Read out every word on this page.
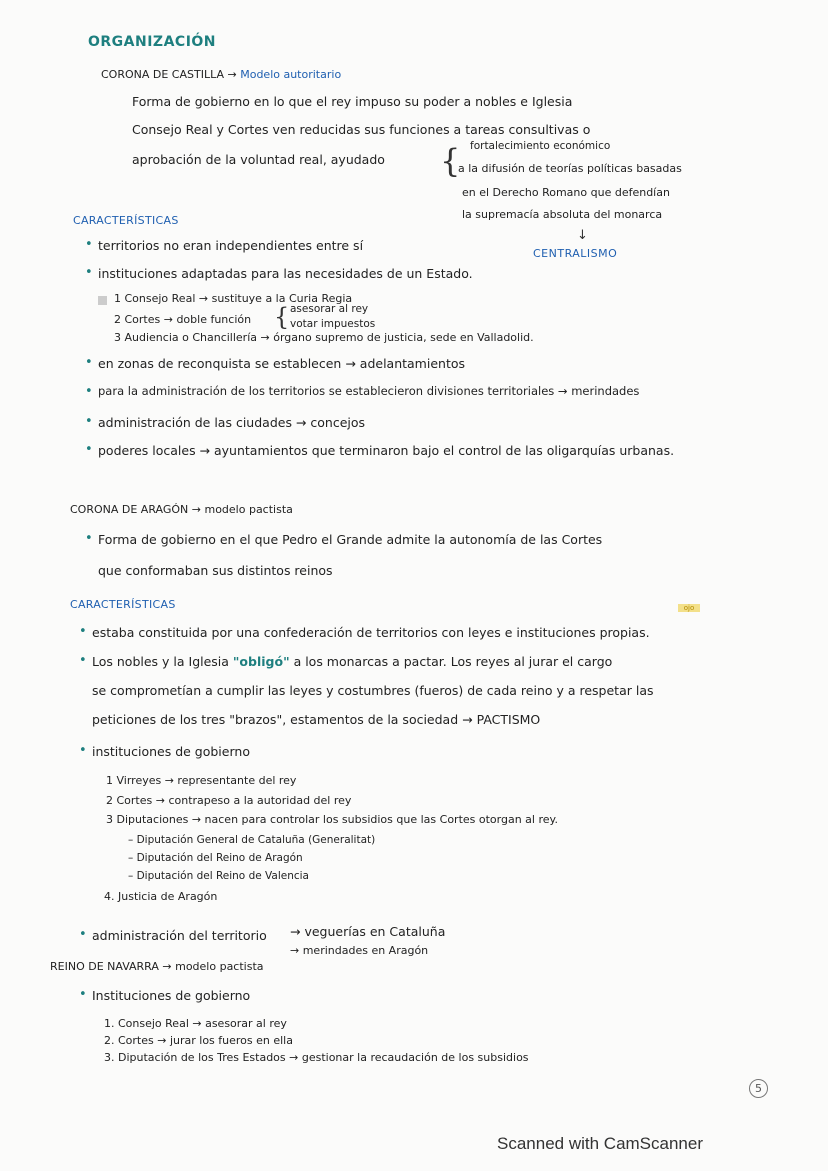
ORGANIZACIÓN
CORONA DE CASTILLA → Modelo autoritario
Forma de gobierno en lo que el rey impuso su poder a nobles e Iglesia
Consejo Real y Cortes ven reducidas sus funciones a tareas consultivas o
aprobación de la voluntad real, ayudado { fortalecimiento económico
a la difusión de teorías políticas basadas
en el Derecho Romano que defendían
la supremacía absoluta del monarca
↓
CENTRALISMO
CARACTERÍSTICAS
• territorios no eran independientes entre sí
• instituciones adaptadas para las necesidades de un Estado.
1 Consejo Real → sustituye a la Curia Regia
2 Cortes → doble función { asesorar al rey
votar impuestos
3 Audiencia o Chancillería → órgano supremo de justicia, sede en Valladolid.
• en zonas de reconquista se establecen → adelantamientos
• para la administración de los territorios se establecieron divisiones territoriales → merindades
• administración de las ciudades → concejos
• poderes locales → ayuntamientos que terminaron bajo el control de las oligarquías urbanas.
CORONA DE ARAGÓN → modelo pactista
• Forma de gobierno en el que Pedro el Grande admite la autonomía de las Cortes
que conformaban sus distintos reinos
CARACTERÍSTICAS	ojo
• estaba constituida por una confederación de territorios con leyes e instituciones propias.
• Los nobles y la Iglesia "obligó" a los monarcas a pactar. Los reyes al jurar el cargo
se comprometían a cumplir las leyes y costumbres (fueros) de cada reino y a respetar las
peticiones de los tres "brazos", estamentos de la sociedad → PACTISMO
• instituciones de gobierno
1 Virreyes → representante del rey
2 Cortes → contrapeso a la autoridad del rey
3 Diputaciones → nacen para controlar los subsidios que las Cortes otorgan al rey.
– Diputación General de Cataluña (Generalitat)
– Diputación del Reino de Aragón
– Diputación del Reino de Valencia
4. Justicia de Aragón
• administración del territorio → veguerías en Cataluña
→ merindades en Aragón
REINO DE NAVARRA → modelo pactista
• Instituciones de gobierno
1. Consejo Real → asesorar al rey
2. Cortes → jurar los fueros en ella
3. Diputación de los Tres Estados → gestionar la recaudación de los subsidios
5
Scanned with CamScanner
